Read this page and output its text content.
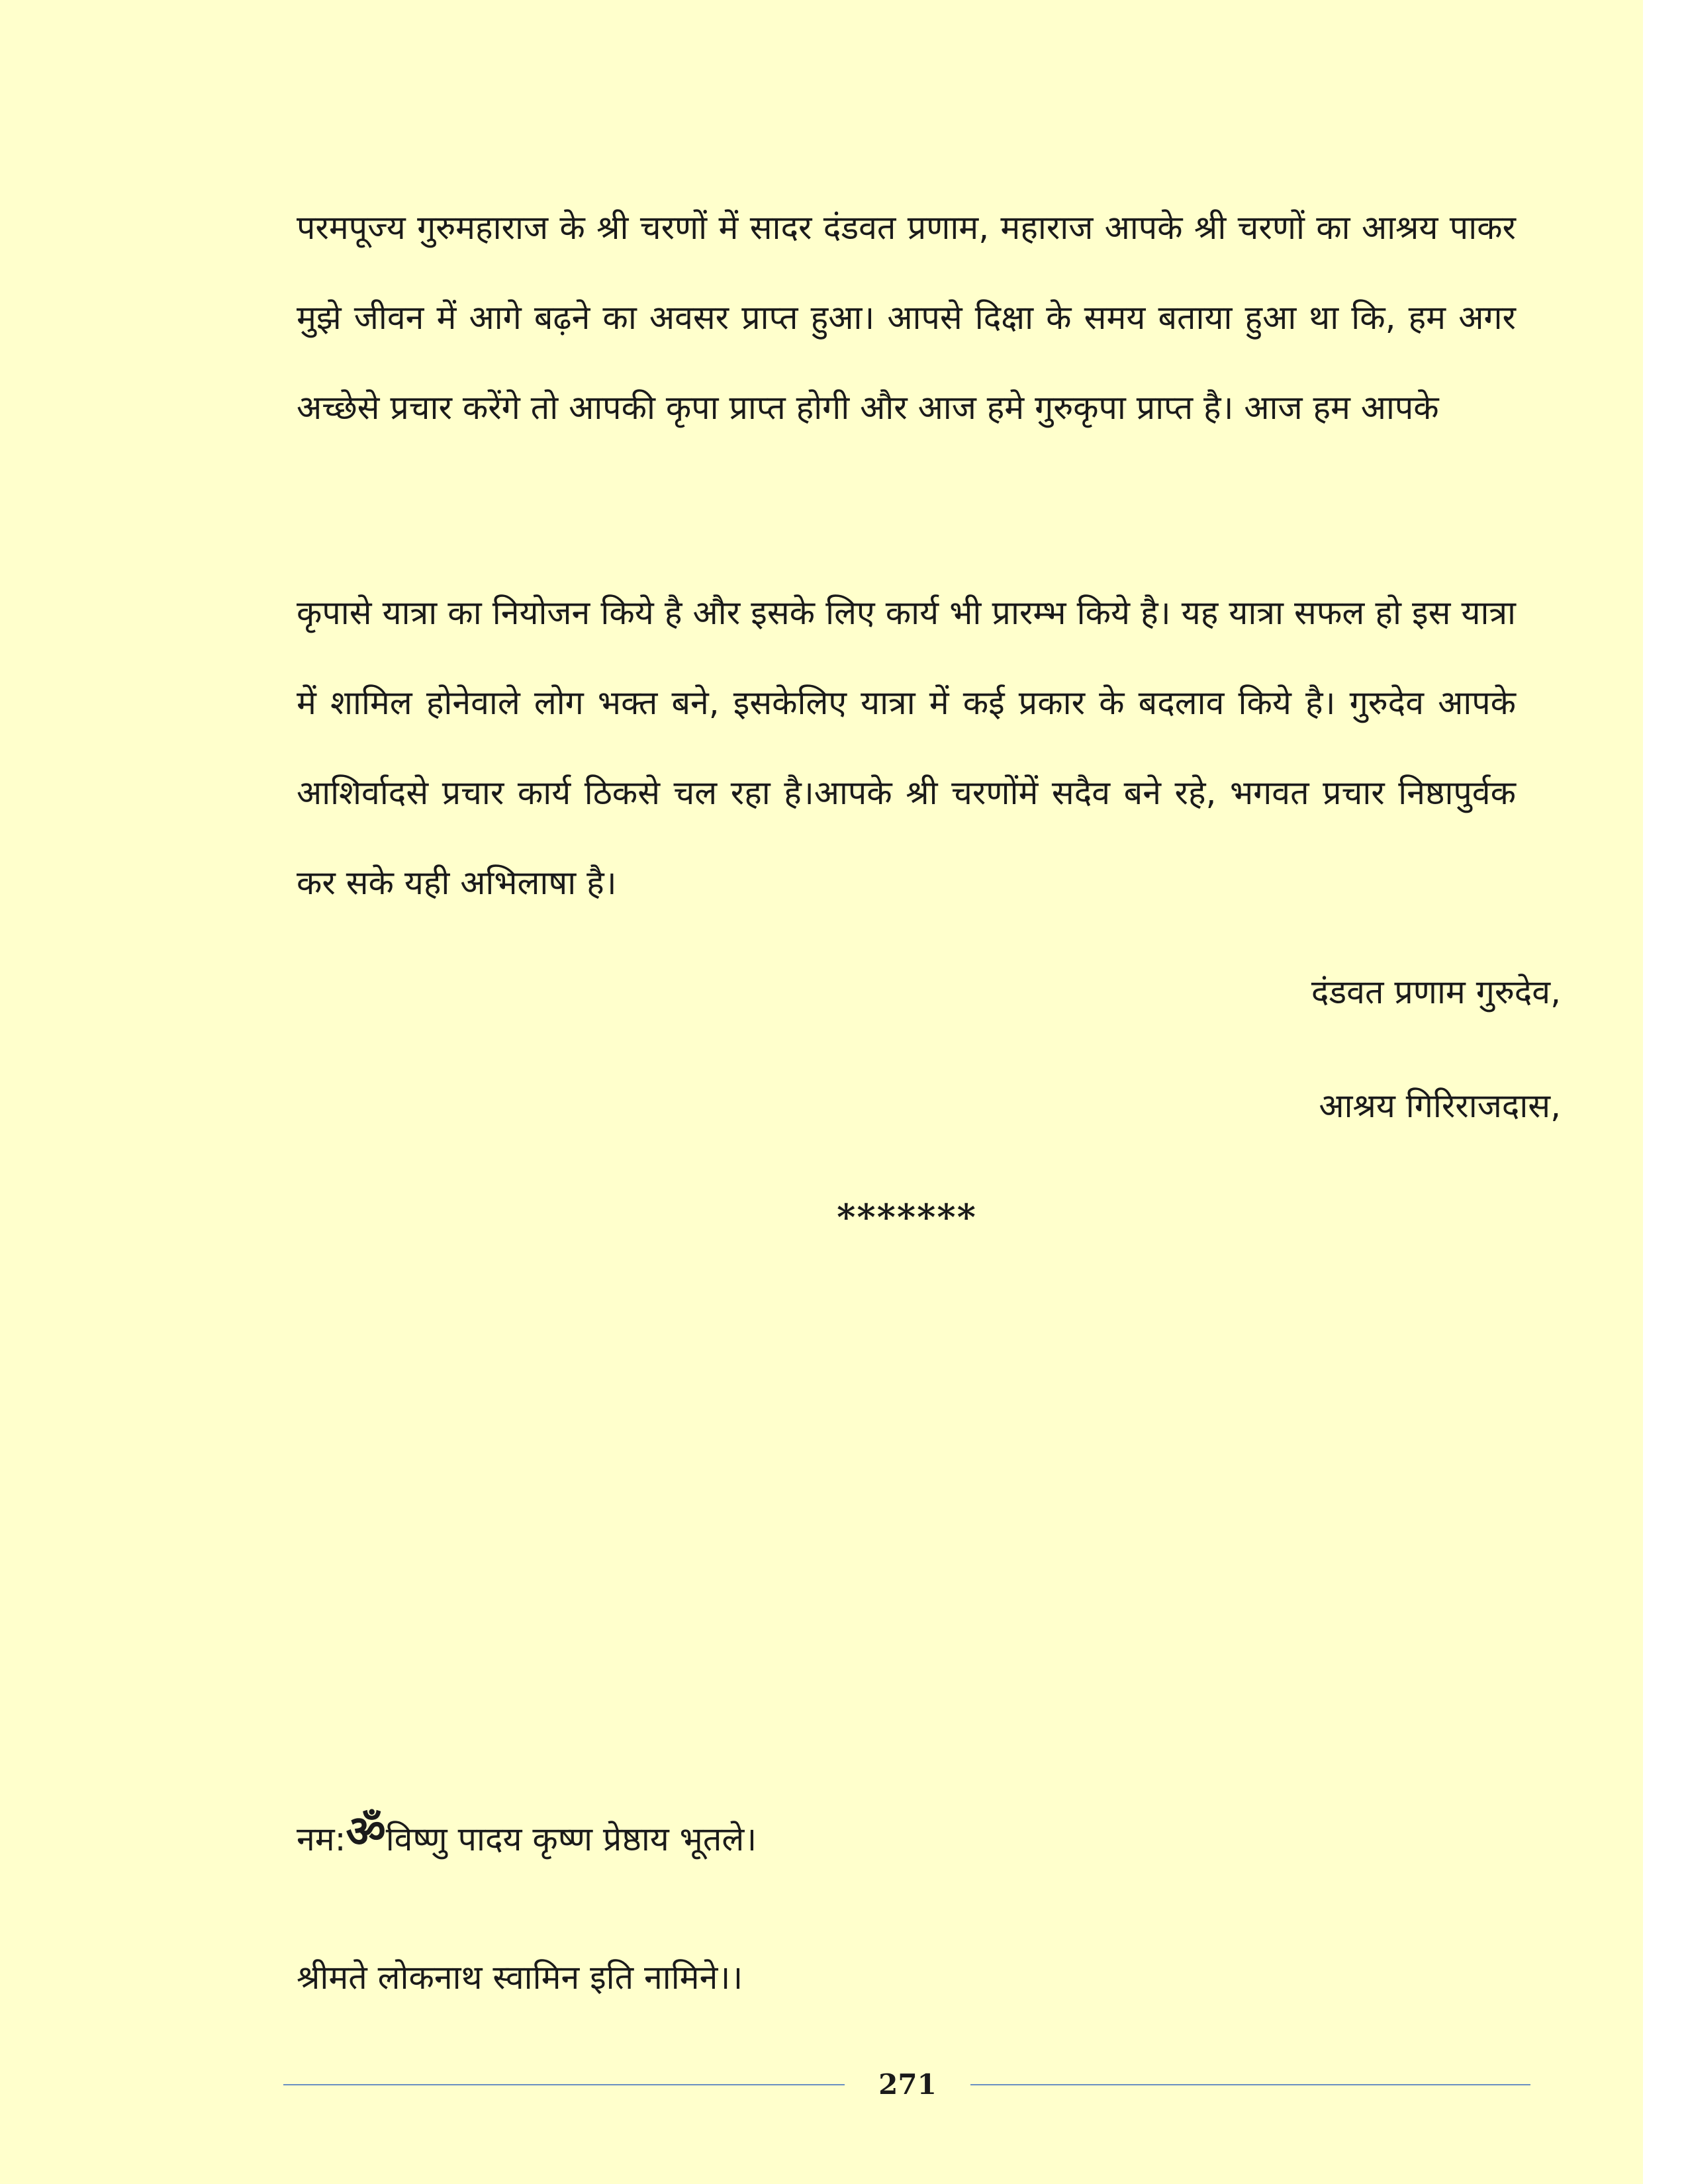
परमपूज्य गुरुमहाराज के श्री चरणों में सादर दंडवत प्रणाम, महाराज आपके श्री चरणों का आश्रय पाकर मुझे जीवन में आगे बढ़ने का अवसर प्राप्त हुआ। आपसे दिक्षा के समय बताया हुआ था कि, हम अगर अच्छेसे प्रचार करेंगे तो आपकी कृपा प्राप्त होगी और आज हमे गुरुकृपा प्राप्त है। आज हम आपके

कृपासे यात्रा का नियोजन किये है और इसके लिए कार्य भी प्रारम्भ किये है। यह यात्रा सफल हो इस यात्रा में शामिल होनेवाले लोग भक्त बने, इसकेलिए यात्रा में कई प्रकार के बदलाव किये है। गुरुदेव आपके आशिर्वादसे प्रचार कार्य ठिकसे चल रहा है।आपके श्री चरणोंमें सदैव बने रहे, भगवत प्रचार निष्ठापुर्वक कर सके यही अभिलाषा है।

दंडवत प्रणाम गुरुदेव,
आश्रय गिरिराजदास,
*******
नम:ॐविष्णु पादय कृष्ण प्रेष्ठाय भूतले।
श्रीमते लोकनाथ स्वामिन इति नामिने।।
271
